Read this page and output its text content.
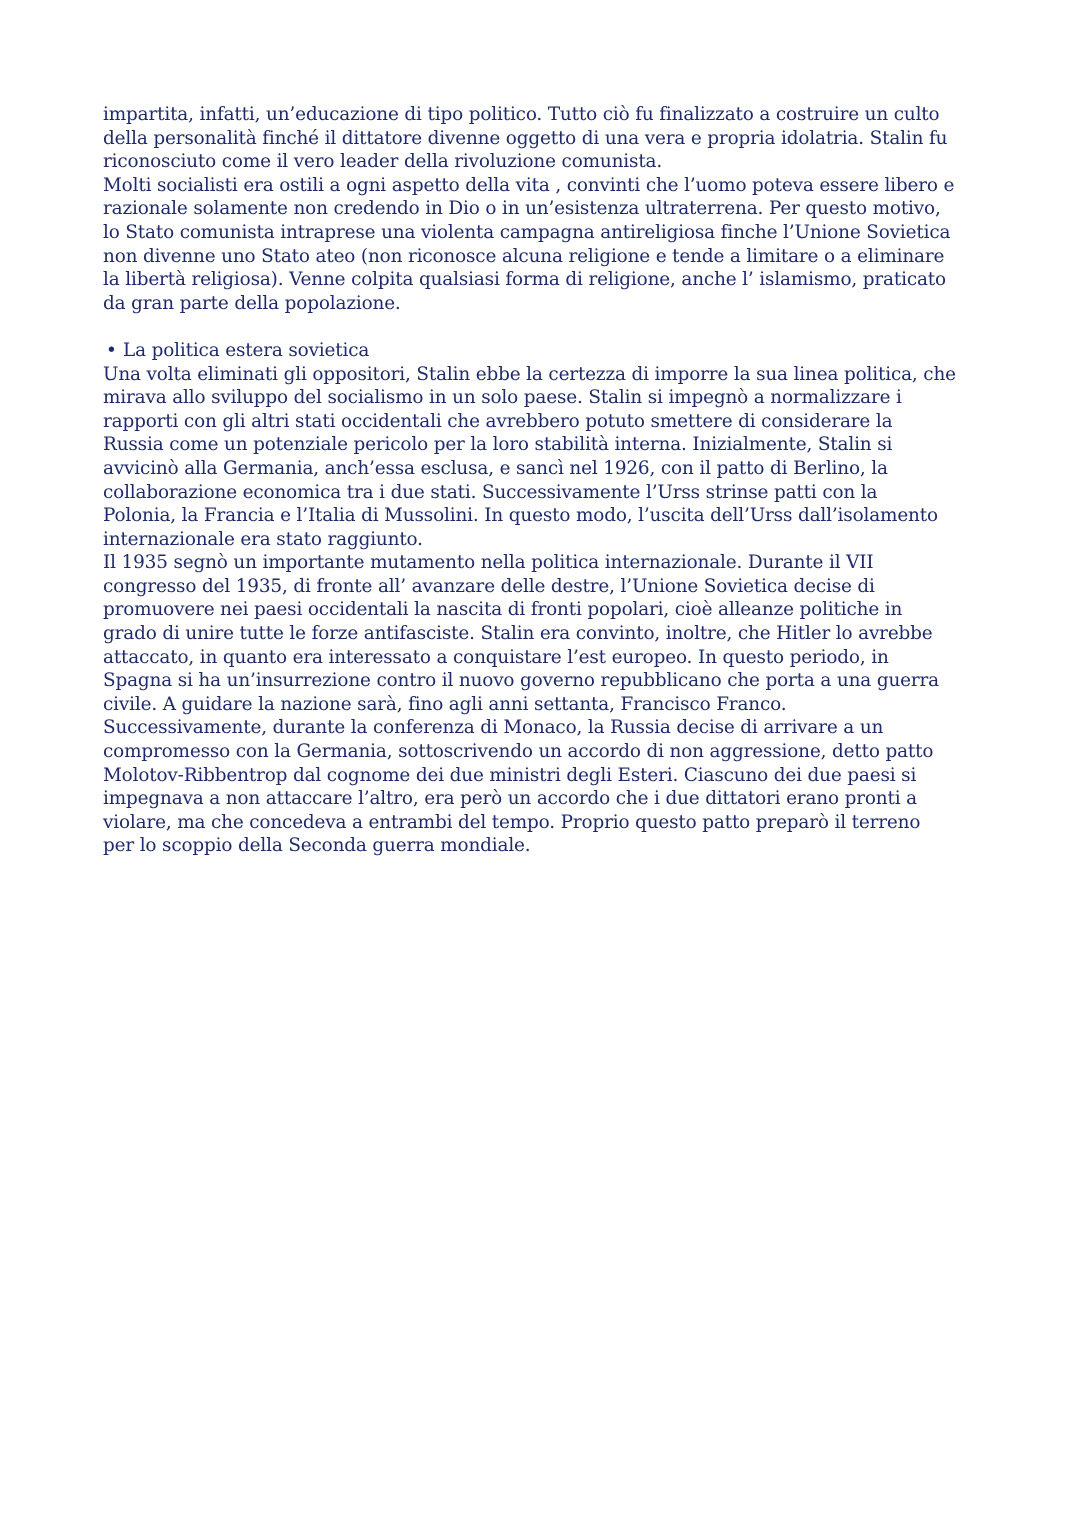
impartita, infatti, un’educazione di tipo politico. Tutto ciò fu finalizzato a costruire un culto
della personalità finché il dittatore divenne oggetto di una vera e propria idolatria. Stalin fu
riconosciuto come il vero leader della rivoluzione comunista.
Molti socialisti era ostili a ogni aspetto della vita , convinti che l’uomo poteva essere libero e
razionale solamente non credendo in Dio o in un’esistenza ultraterrena. Per questo motivo,
lo Stato comunista intraprese una violenta campagna antireligiosa finche l’Unione Sovietica
non divenne uno Stato ateo (non riconosce alcuna religione e tende a limitare o a eliminare
la libertà religiosa). Venne colpita qualsiasi forma di religione, anche l’ islamismo, praticato
da gran parte della popolazione.
• La politica estera sovietica
Una volta eliminati gli oppositori, Stalin ebbe la certezza di imporre la sua linea politica, che
mirava allo sviluppo del socialismo in un solo paese. Stalin si impegnò a normalizzare i
rapporti con gli altri stati occidentali che avrebbero potuto smettere di considerare la
Russia come un potenziale pericolo per la loro stabilità interna. Inizialmente, Stalin si
avvicinò alla Germania, anch’essa esclusa, e sancì nel 1926, con il patto di Berlino, la
collaborazione economica tra i due stati. Successivamente l’Urss strinse patti con la
Polonia, la Francia e l’Italia di Mussolini. In questo modo, l’uscita dell’Urss dall’isolamento
internazionale era stato raggiunto.
Il 1935 segnò un importante mutamento nella politica internazionale. Durante il VII
congresso del 1935, di fronte all’ avanzare delle destre, l’Unione Sovietica decise di
promuovere nei paesi occidentali la nascita di fronti popolari, cioè alleanze politiche in
grado di unire tutte le forze antifasciste. Stalin era convinto, inoltre, che Hitler lo avrebbe
attaccato, in quanto era interessato a conquistare l’est europeo. In questo periodo, in
Spagna si ha un’insurrezione contro il nuovo governo repubblicano che porta a una guerra
civile. A guidare la nazione sarà, fino agli anni settanta, Francisco Franco.
Successivamente, durante la conferenza di Monaco, la Russia decise di arrivare a un
compromesso con la Germania, sottoscrivendo un accordo di non aggressione, detto patto
Molotov-Ribbentrop dal cognome dei due ministri degli Esteri. Ciascuno dei due paesi si
impegnava a non attaccare l’altro, era però un accordo che i due dittatori erano pronti a
violare, ma che concedeva a entrambi del tempo. Proprio questo patto preparò il terreno
per lo scoppio della Seconda guerra mondiale.
